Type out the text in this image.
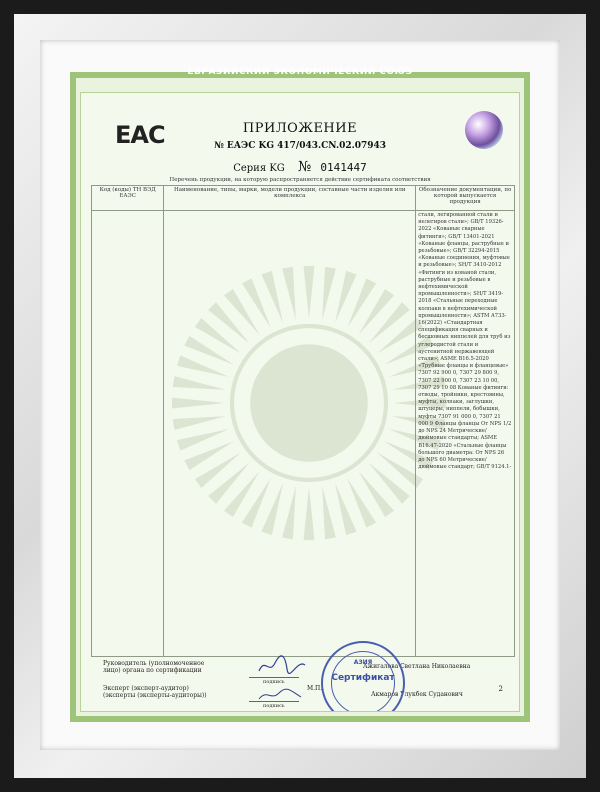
ЕВРАЗИЙСКИЙ ЭКОНОМИЧЕСКИЙ СОЮЗ
EAC	ПРИЛОЖЕНИЕ
№ ЕАЭС KG 417/043.CN.02.07943
Серия KG № 0141447
Перечень продукции, на которую распространяется действие сертификата соответствия
Код (коды) ТН ВЭД ЕАЭС	Наименование, типы, марки, модели продукции, составные части изделия или комплекса	Обозначение документации, по которой выпускается продукция

		стали, легированной стали и нелегиров стали»; GB/T 19326-2022 «Кованые сварные фитинги»; GB/T 13401-2021 «Кованые фланцы, раструбные и резьбовые»; GB/T 32294-2015 «Кованые соединения, муфтовые и резьбовые»; SH/T 3410-2012 «Фитинги из кованой стали, раструбные и резьбовые в нефтехимической промышленности»; SH/T 3419-2018 «Стальные переходные колпаки в нефтехимической промышленности»; ASTM A733-16(2022) «Стандартная спецификация сварных и бесшовных ниппелей для труб из углеродистой стали и аустенитной нержавеющей стали»; ASME B16.5-2020 «Трубные фланцы и фланцевые» 7307 92 900 0, 7307 29 800 9, 7307 22 900 0, 7307 23 10 00, 7307 29 10 08 Кованые фитинги: отводы, тройники, крестовины, муфты, колпаки, заглушки, штуцеры, ниппели, бобышки, муфты 7307 91 000 0, 7307 21 000 9 Фланцы фланцы От NPS 1/2 до NPS 24 Метрические/дюймовые стандарты; ASME B16.47-2020 «Стальные фланцы большого диаметра: От NPS 26 до NPS 60 Метрические/дюймовые стандарт; GB/T 9124.1-
Руководитель (уполномоченное лицо) органа по сертификации
подпись
Ажигалова Светлана Николаевна
Эксперт (эксперт-аудитор) (эксперты (эксперты-аудиторы))
подпись
М.П.
Акмаров Улукбек Суданович
АЗИЯ
Сертификат
2
